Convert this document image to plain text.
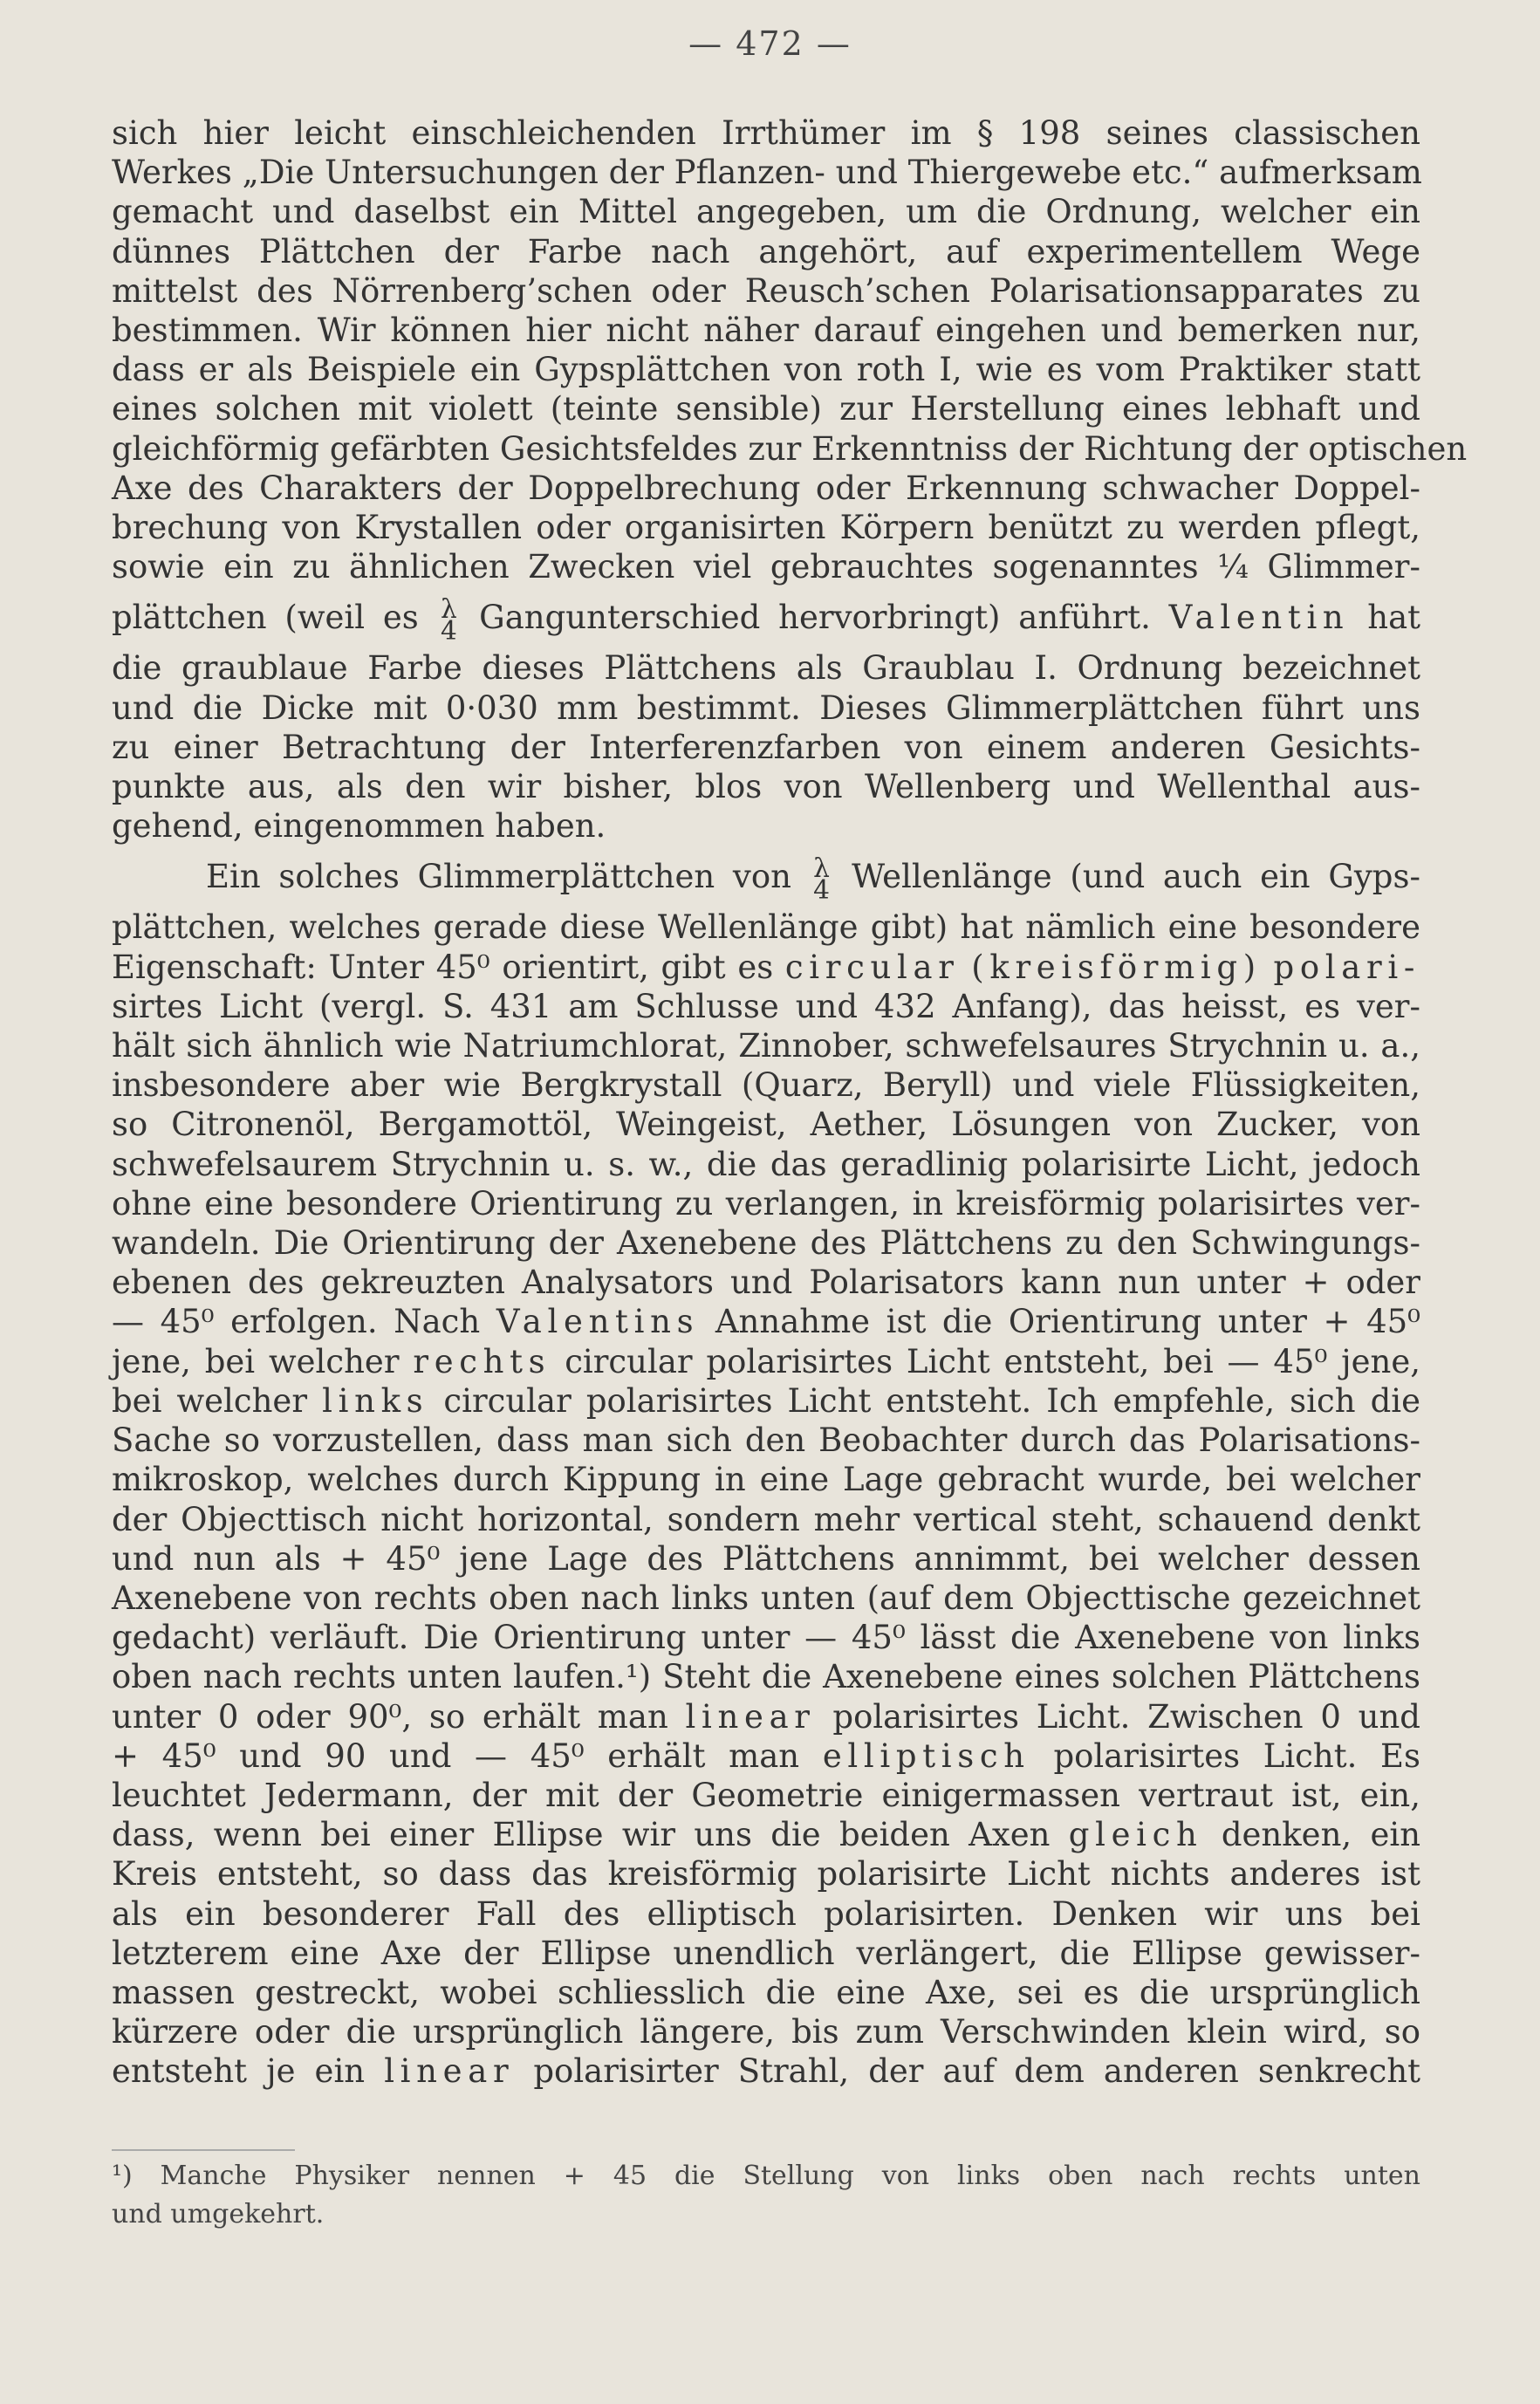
— 472 —

sich hier leicht einschleichenden Irrthümer im § 198 seines classischen
Werkes „Die Untersuchungen der Pflanzen- und Thiergewebe etc.“ aufmerksam
gemacht und daselbst ein Mittel angegeben, um die Ordnung, welcher ein
dünnes Plättchen der Farbe nach angehört, auf experimentellem Wege
mittelst des Nörrenberg’schen oder Reusch’schen Polarisationsapparates zu
bestimmen. Wir können hier nicht näher darauf eingehen und bemerken nur,
dass er als Beispiele ein Gypsplättchen von roth I, wie es vom Praktiker statt
eines solchen mit violett (teinte sensible) zur Herstellung eines lebhaft und
gleichförmig gefärbten Gesichtsfeldes zur Erkenntniss der Richtung der optischen
Axe des Charakters der Doppelbrechung oder Erkennung schwacher Doppel-
brechung von Krystallen oder organisirten Körpern benützt zu werden pflegt,
sowie ein zu ähnlichen Zwecken viel gebrauchtes sogenanntes ¼ Glimmer-
plättchen (weil es λ
4 Gangunterschied hervorbringt) anführt. Valentin hat
die graublaue Farbe dieses Plättchens als Graublau I. Ordnung bezeichnet
und die Dicke mit 0·030 mm bestimmt. Dieses Glimmerplättchen führt uns
zu einer Betrachtung der Interferenzfarben von einem anderen Gesichts-
punkte aus, als den wir bisher, blos von Wellenberg und Wellenthal aus-
gehend, eingenommen haben.

Ein solches Glimmerplättchen von λ
4 Wellenlänge (und auch ein Gyps-
plättchen, welches gerade diese Wellenlänge gibt) hat nämlich eine besondere
Eigenschaft: Unter 45⁰ orientirt, gibt es circular (kreisförmig) polari-
sirtes Licht (vergl. S. 431 am Schlusse und 432 Anfang), das heisst, es ver-
hält sich ähnlich wie Natriumchlorat, Zinnober, schwefelsaures Strychnin u. a.,
insbesondere aber wie Bergkrystall (Quarz, Beryll) und viele Flüssigkeiten,
so Citronenöl, Bergamottöl, Weingeist, Aether, Lösungen von Zucker, von
schwefelsaurem Strychnin u. s. w., die das geradlinig polarisirte Licht, jedoch
ohne eine besondere Orientirung zu verlangen, in kreisförmig polarisirtes ver-
wandeln. Die Orientirung der Axenebene des Plättchens zu den Schwingungs-
ebenen des gekreuzten Analysators und Polarisators kann nun unter + oder
— 45⁰ erfolgen. Nach Valentins Annahme ist die Orientirung unter + 45⁰
jene, bei welcher rechts circular polarisirtes Licht entsteht, bei — 45⁰ jene,
bei welcher links circular polarisirtes Licht entsteht. Ich empfehle, sich die
Sache so vorzustellen, dass man sich den Beobachter durch das Polarisations-
mikroskop, welches durch Kippung in eine Lage gebracht wurde, bei welcher
der Objecttisch nicht horizontal, sondern mehr vertical steht, schauend denkt
und nun als + 45⁰ jene Lage des Plättchens annimmt, bei welcher dessen
Axenebene von rechts oben nach links unten (auf dem Objecttische gezeichnet
gedacht) verläuft. Die Orientirung unter — 45⁰ lässt die Axenebene von links
oben nach rechts unten laufen.¹) Steht die Axenebene eines solchen Plättchens
unter 0 oder 90⁰, so erhält man linear polarisirtes Licht. Zwischen 0 und
+ 45⁰ und 90 und — 45⁰ erhält man elliptisch polarisirtes Licht. Es
leuchtet Jedermann, der mit der Geometrie einigermassen vertraut ist, ein,
dass, wenn bei einer Ellipse wir uns die beiden Axen gleich denken, ein
Kreis entsteht, so dass das kreisförmig polarisirte Licht nichts anderes ist
als ein besonderer Fall des elliptisch polarisirten. Denken wir uns bei
letzterem eine Axe der Ellipse unendlich verlängert, die Ellipse gewisser-
massen gestreckt, wobei schliesslich die eine Axe, sei es die ursprünglich
kürzere oder die ursprünglich längere, bis zum Verschwinden klein wird, so
entsteht je ein linear polarisirter Strahl, der auf dem anderen senkrecht

¹) Manche Physiker nennen + 45 die Stellung von links oben nach rechts unten
und umgekehrt.
